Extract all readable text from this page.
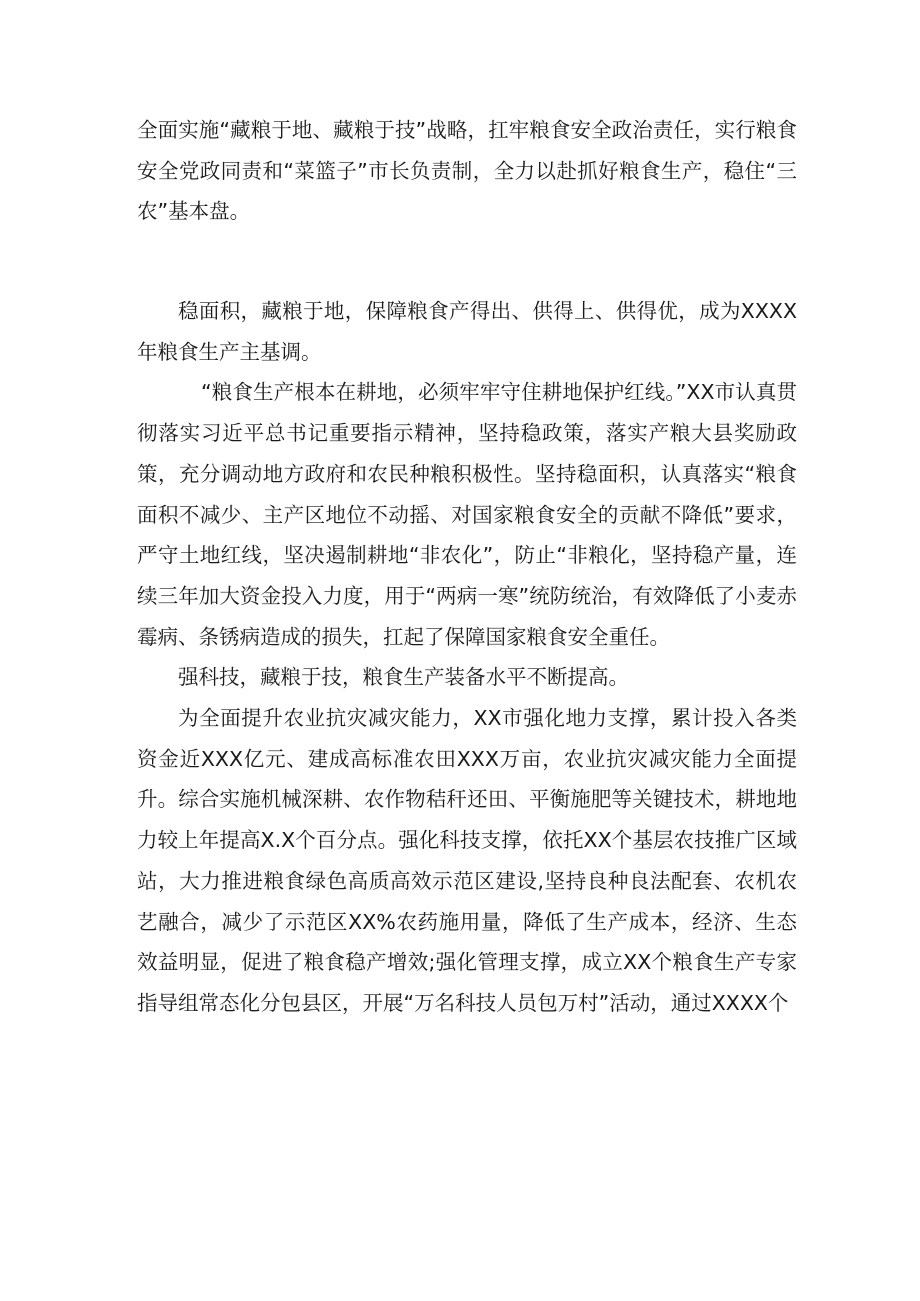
全面实施“藏粮于地、藏粮于技”战略，扛牢粮食安全政治责任，实行粮食安全党政同责和“菜篮子”市长负责制，全力以赴抓好粮食生产，稳住“三农”基本盘。

稳面积，藏粮于地，保障粮食产得出、供得上、供得优，成为XXXX年粮食生产主基调。

“粮食生产根本在耕地，必须牢牢守住耕地保护红线。”XX市认真贯彻落实习近平总书记重要指示精神，坚持稳政策，落实产粮大县奖励政策，充分调动地方政府和农民种粮积极性。坚持稳面积，认真落实“粮食面积不减少、主产区地位不动摇、对国家粮食安全的贡献不降低”要求，严守土地红线，坚决遏制耕地“非农化”，防止“非粮化，坚持稳产量，连续三年加大资金投入力度，用于“两病一寒”统防统治，有效降低了小麦赤霉病、条锈病造成的损失，扛起了保障国家粮食安全重任。

强科技，藏粮于技，粮食生产装备水平不断提高。

为全面提升农业抗灾减灾能力，XX市强化地力支撑，累计投入各类资金近XXX亿元、建成高标准农田XXX万亩，农业抗灾减灾能力全面提升。综合实施机械深耕、农作物秸秆还田、平衡施肥等关键技术，耕地地力较上年提高X.X个百分点。强化科技支撑，依托XX个基层农技推广区域站，大力推进粮食绿色高质高效示范区建设,坚持良种良法配套、农机农艺融合，减少了示范区XX%农药施用量，降低了生产成本，经济、生态效益明显，促进了粮食稳产增效;强化管理支撑，成立XX个粮食生产专家指导组常态化分包县区，开展“万名科技人员包万村”活动，通过XXXX个
